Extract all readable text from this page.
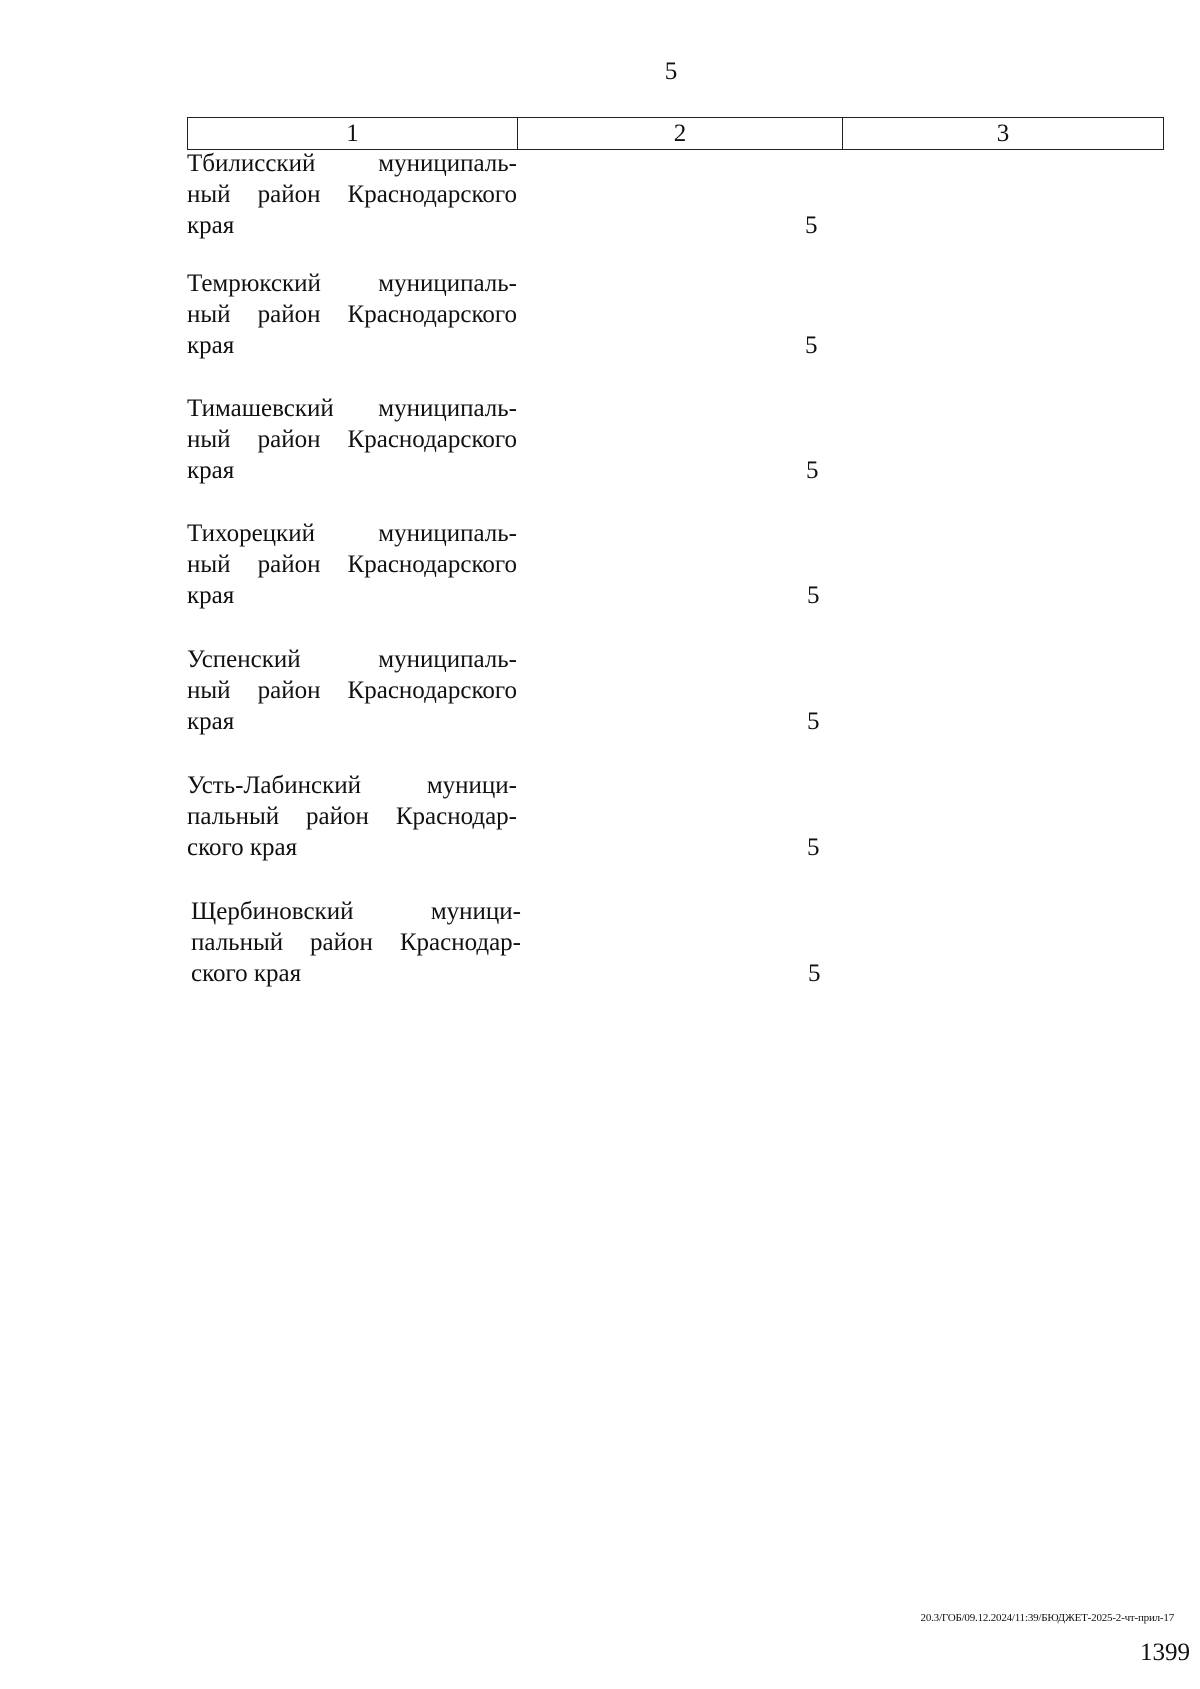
5
1	2	3
Тбилисский муниципаль-
ный район Краснодарского
края	5
Темрюкский муниципаль-
ный район Краснодарского
края	5
Тимашевский муниципаль-
ный район Краснодарского
края	5
Тихорецкий муниципаль-
ный район Краснодарского
края	5
Успенский муниципаль-
ный район Краснодарского
края	5
Усть-Лабинский муници-
пальный район Краснодар-
ского края	5
Щербиновский муници-
пальный район Краснодар-
ского края	5
20.3/ГОБ/09.12.2024/11:39/БЮДЖЕТ-2025-2-чт-прил-17
1399
